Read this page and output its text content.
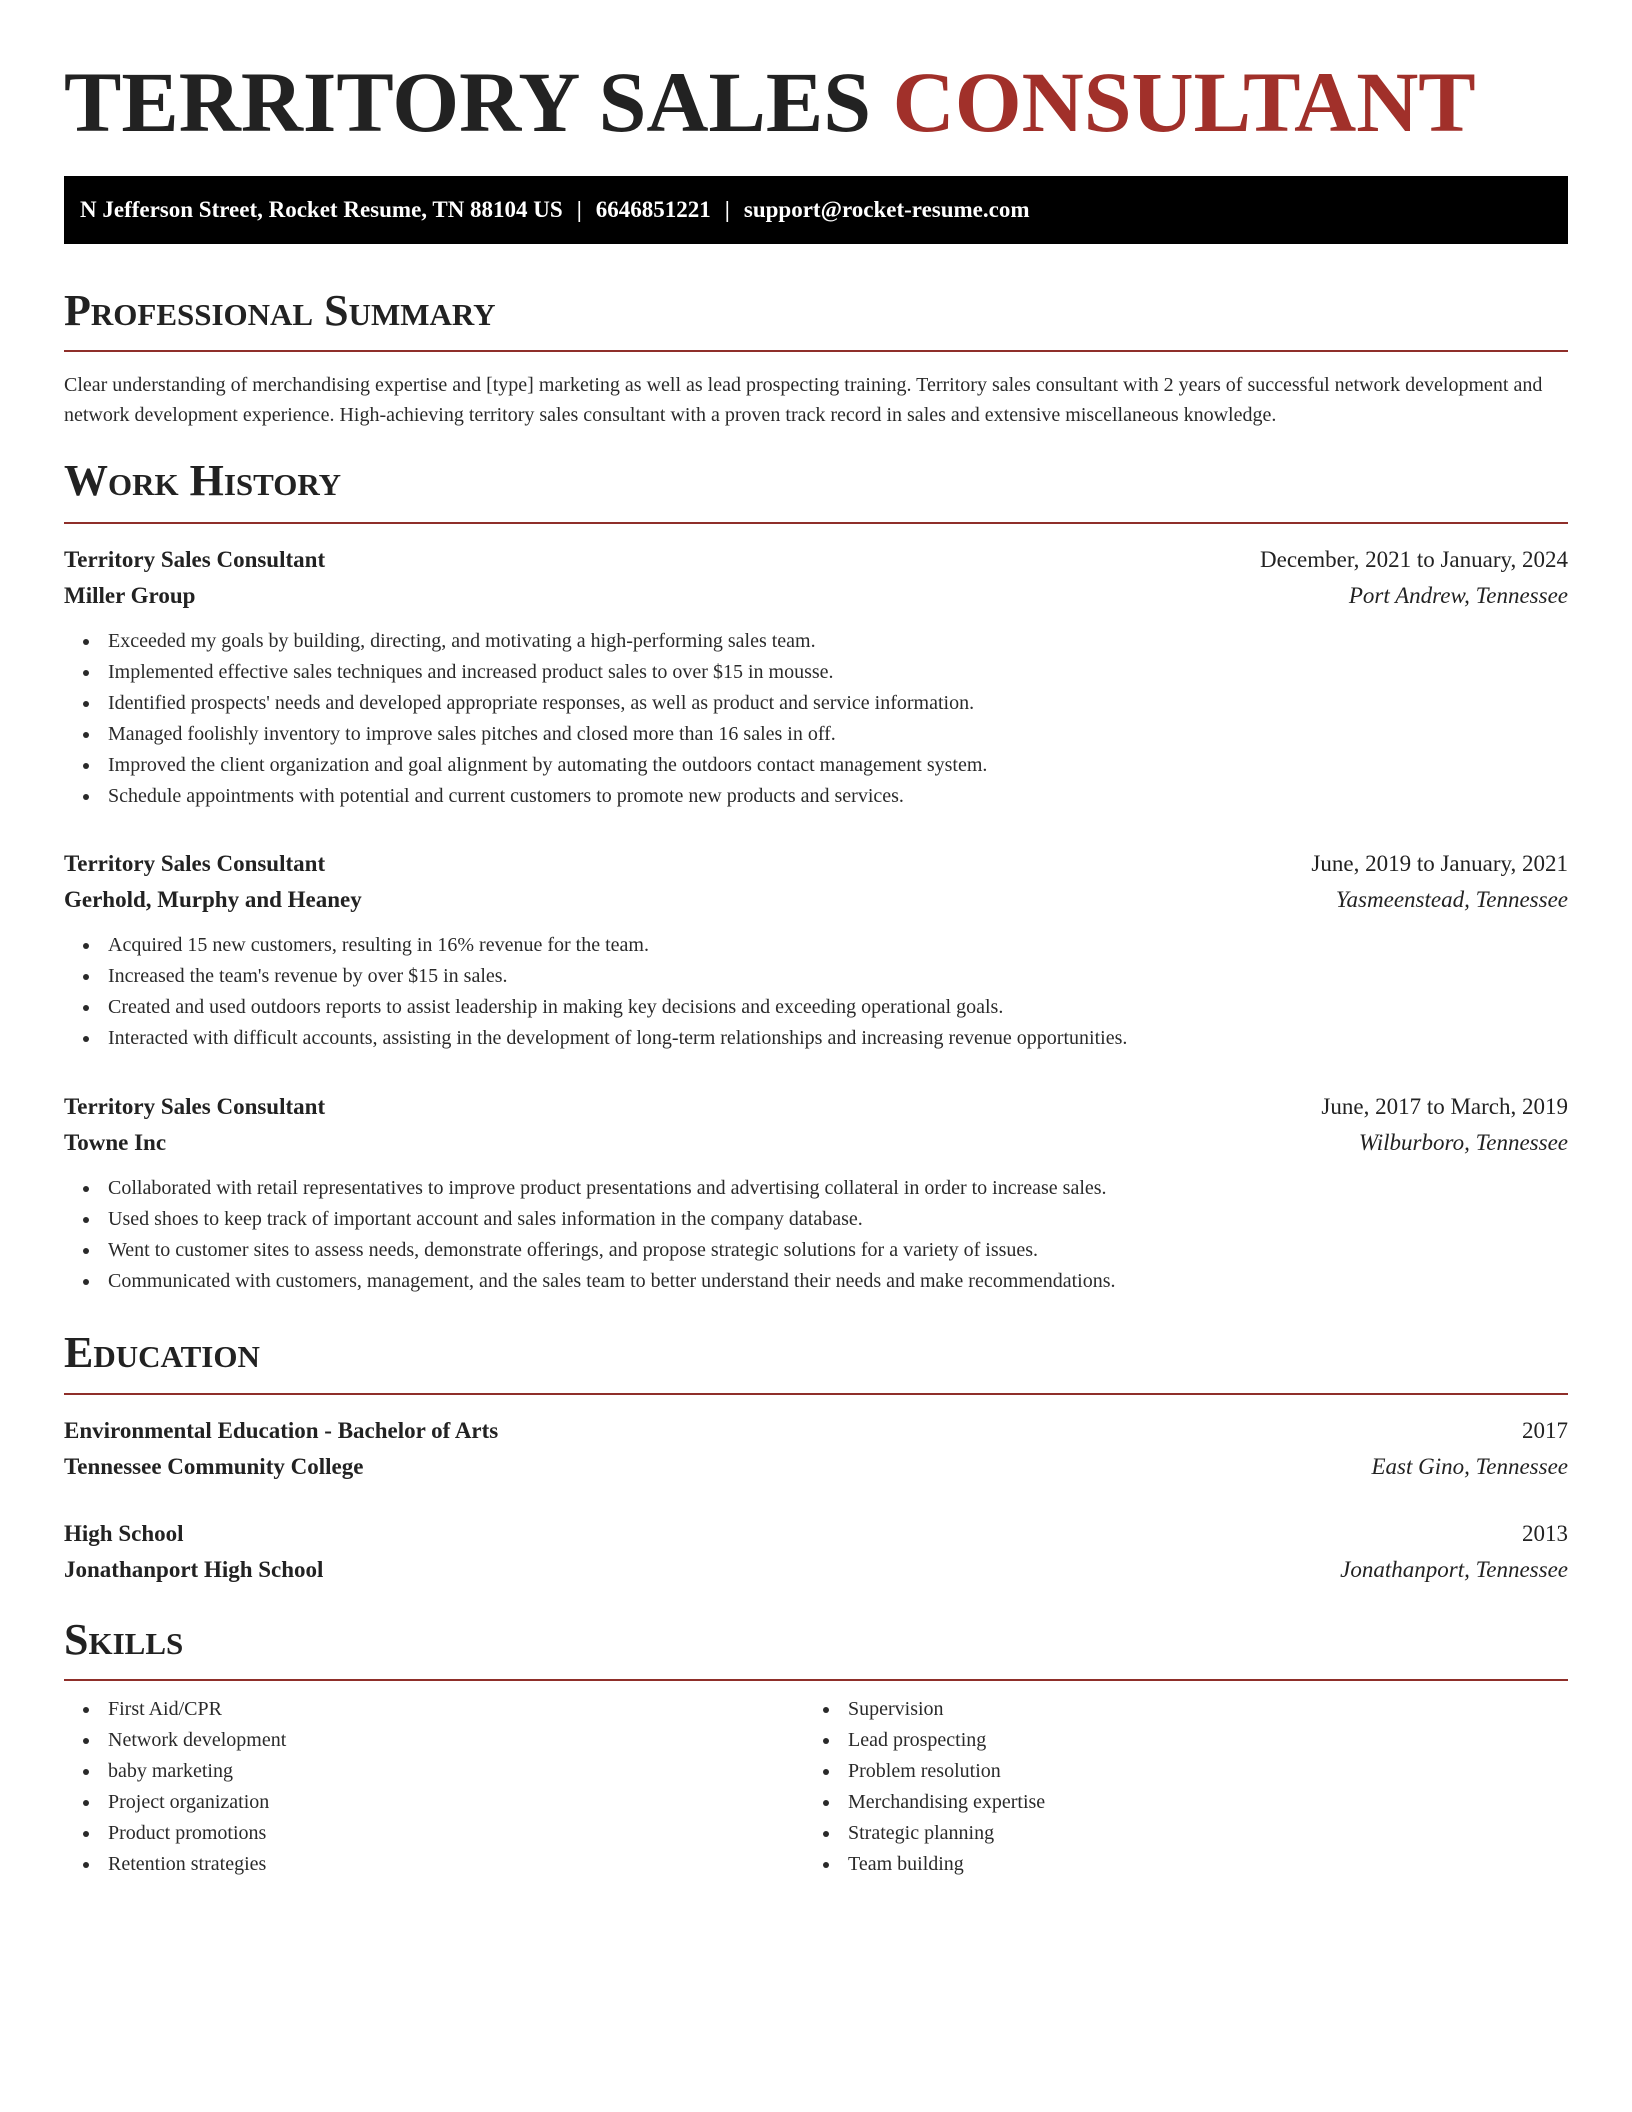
TERRITORY SALES CONSULTANT
N Jefferson Street, Rocket Resume, TN 88104 US | 6646851221 | support@rocket-resume.com
Professional Summary

Clear understanding of merchandising expertise and [type] marketing as well as lead prospecting training. Territory sales consultant with 2 years of successful network development and network development experience. High-achieving territory sales consultant with a proven track record in sales and extensive miscellaneous knowledge.

Work History
Territory Sales Consultant	December, 2021 to January, 2024
Miller Group	Port Andrew, Tennessee
Exceeded my goals by building, directing, and motivating a high-performing sales team.
Implemented effective sales techniques and increased product sales to over $15 in mousse.
Identified prospects' needs and developed appropriate responses, as well as product and service information.
Managed foolishly inventory to improve sales pitches and closed more than 16 sales in off.
Improved the client organization and goal alignment by automating the outdoors contact management system.
Schedule appointments with potential and current customers to promote new products and services.
Territory Sales Consultant	June, 2019 to January, 2021
Gerhold, Murphy and Heaney	Yasmeenstead, Tennessee
Acquired 15 new customers, resulting in 16% revenue for the team.
Increased the team's revenue by over $15 in sales.
Created and used outdoors reports to assist leadership in making key decisions and exceeding operational goals.
Interacted with difficult accounts, assisting in the development of long-term relationships and increasing revenue opportunities.
Territory Sales Consultant	June, 2017 to March, 2019
Towne Inc	Wilburboro, Tennessee
Collaborated with retail representatives to improve product presentations and advertising collateral in order to increase sales.
Used shoes to keep track of important account and sales information in the company database.
Went to customer sites to assess needs, demonstrate offerings, and propose strategic solutions for a variety of issues.
Communicated with customers, management, and the sales team to better understand their needs and make recommendations.
Education
Environmental Education - Bachelor of Arts	2017
Tennessee Community College	East Gino, Tennessee
High School	2013
Jonathanport High School	Jonathanport, Tennessee
Skills
First Aid/CPR
Network development
baby marketing
Project organization
Product promotions
Retention strategies
Supervision
Lead prospecting
Problem resolution
Merchandising expertise
Strategic planning
Team building
